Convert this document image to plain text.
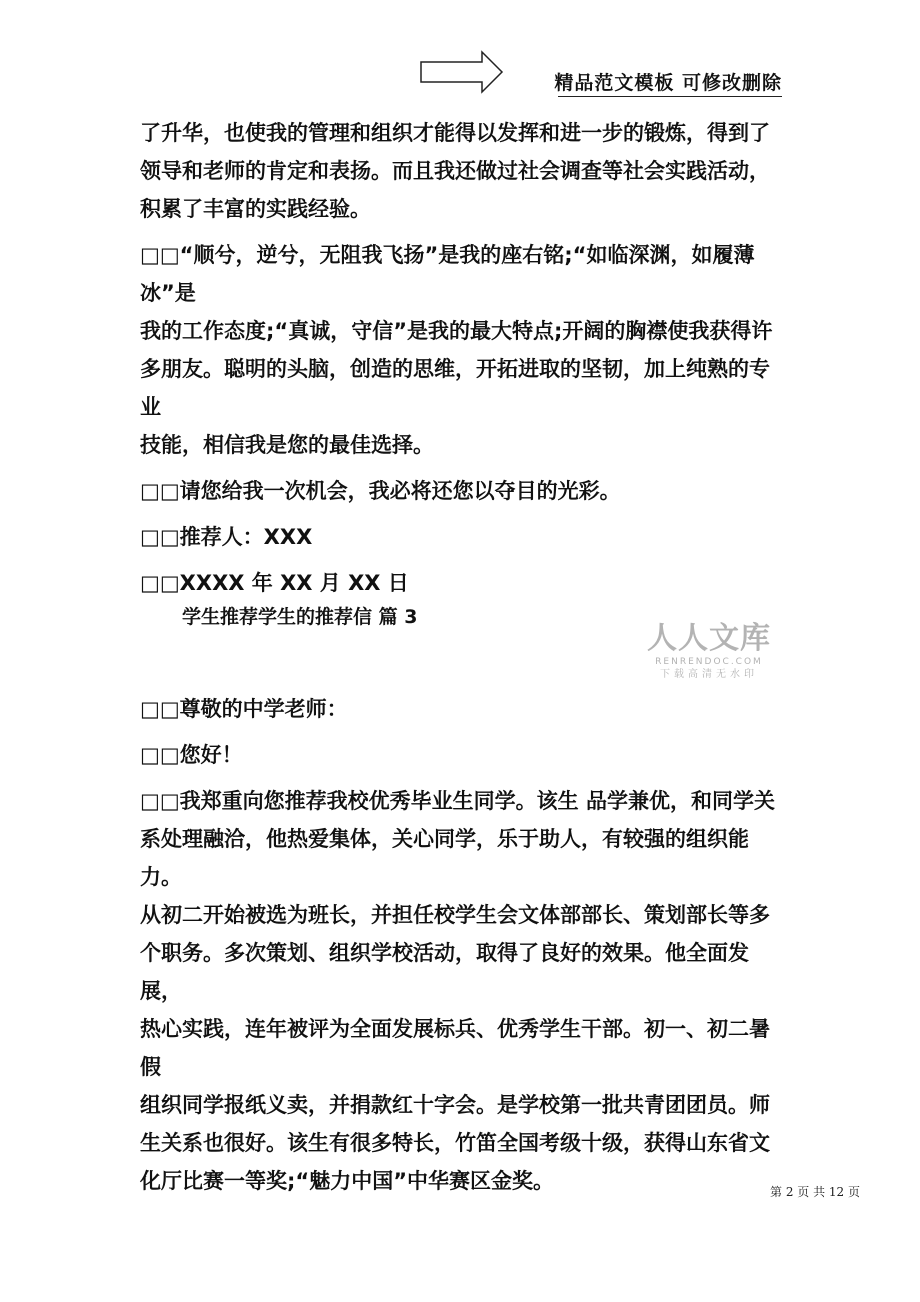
精品范文模板 可修改删除

了升华，也使我的管理和组织才能得以发挥和进一步的锻炼，得到了

领导和老师的肯定和表扬。而且我还做过社会调查等社会实践活动，

积累了丰富的实践经验。

□□“顺兮，逆兮，无阻我飞扬”是我的座右铭;“如临深渊，如履薄冰”是

我的工作态度;“真诚，守信”是我的最大特点;开阔的胸襟使我获得许

多朋友。聪明的头脑，创造的思维，开拓进取的坚韧，加上纯熟的专业

技能，相信我是您的最佳选择。

□□请您给我一次机会，我必将还您以夺目的光彩。

□□推荐人：XXX

□□XXXX 年 XX 月 XX 日

学生推荐学生的推荐信 篇 3
人人文库
RENRENDOC.COM
下载高清无水印

□□尊敬的中学老师：

□□您好！

□□我郑重向您推荐我校优秀毕业生同学。该生 品学兼优，和同学关

系处理融洽，他热爱集体，关心同学，乐于助人，有较强的组织能力。

从初二开始被选为班长，并担任校学生会文体部部长、策划部长等多

个职务。多次策划、组织学校活动，取得了良好的效果。他全面发展，

热心实践，连年被评为全面发展标兵、优秀学生干部。初一、初二暑假

组织同学报纸义卖，并捐款红十字会。是学校第一批共青团团员。师

生关系也很好。该生有很多特长，竹笛全国考级十级，获得山东省文

化厅比赛一等奖;“魅力中国”中华赛区金奖。	第 2 页 共 12 页
